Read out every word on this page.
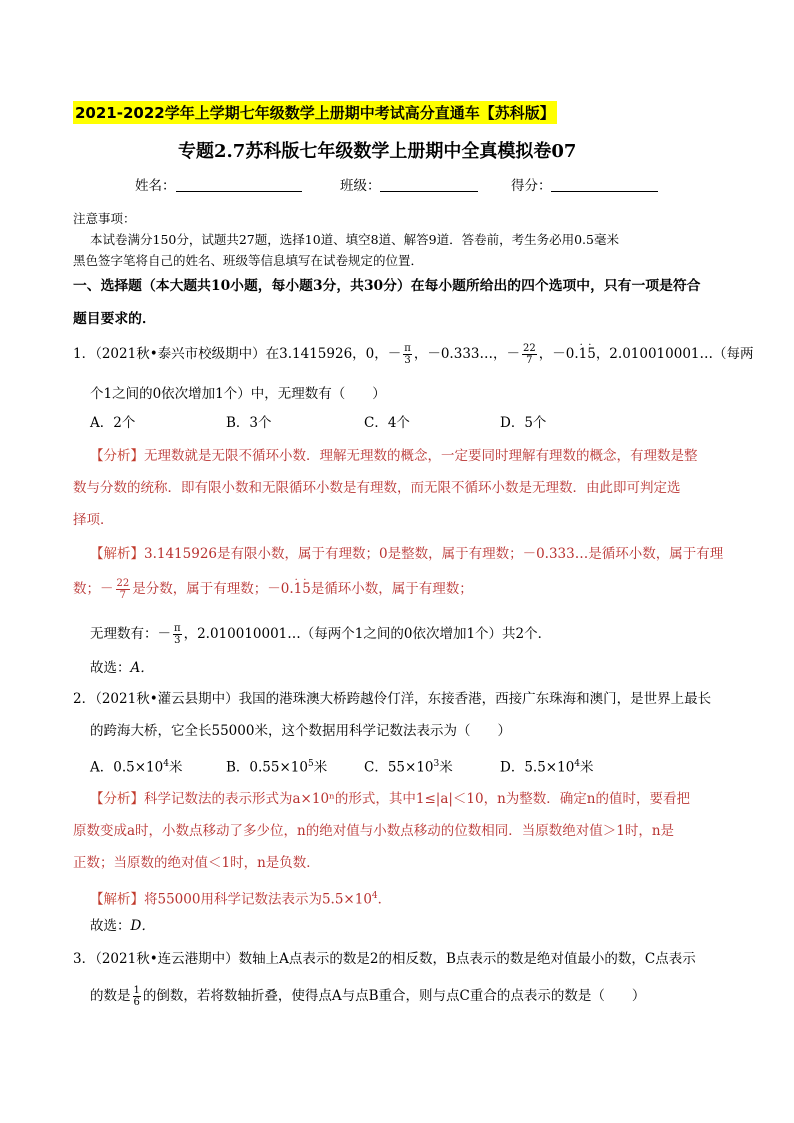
2021-2022学年上学期七年级数学上册期中考试高分直通车【苏科版】
专题2.7苏科版七年级数学上册期中全真模拟卷07
姓名：	班级：	得分：
注意事项：
本试卷满分150分，试题共27题，选择10道、填空8道、解答9道．答卷前，考生务必用0.5毫米
黑色签字笔将自己的姓名、班级等信息填写在试卷规定的位置．
一、选择题（本大题共10小题，每小题3分，共30分）在每小题所给出的四个选项中，只有一项是符合
题目要求的．
1．（2021秋•泰兴市校级期中）在3.1415926，0，－ $\frac{\pi}{3}$ ，－0.333…，－ $\frac{22}{7}$ ，－0.· 1· 5，2.010010001…（每两
个1之间的0依次增加1个）中，无理数有（　　）
A．2个	B．3个	C．4个	D．5个
【分析】无理数就是无限不循环小数．理解无理数的概念，一定要同时理解有理数的概念，有理数是整
数与分数的统称．即有限小数和无限循环小数是有理数，而无限不循环小数是无理数．由此即可判定选
择项．
【解析】3.1415926是有限小数，属于有理数；0是整数，属于有理数；－0.333…是循环小数，属于有理
数；－ $\frac{22}{7}$ 是分数，属于有理数；－0.· 1· 5是循环小数，属于有理数；
无理数有：－ $\frac{\pi}{3}$ ，2.010010001…（每两个1之间的0依次增加1个）共2个．
故选：A．
2．（2021秋•灌云县期中）我国的港珠澳大桥跨越伶仃洋，东接香港，西接广东珠海和澳门，是世界上最长
的跨海大桥，它全长55000米，这个数据用科学记数法表示为（　　）
A．$0.5\times 10^4$米	B．$0.55\times 10^5$米	C．$55\times 10^3$米	D．$5.5\times 10^4$米
【分析】科学记数法的表示形式为a×10ⁿ的形式，其中1≤|a|＜10，n为整数．确定n的值时，要看把
原数变成a时，小数点移动了多少位，n的绝对值与小数点移动的位数相同．当原数绝对值＞1时，n是
正数；当原数的绝对值＜1时，n是负数．
【解析】将55000用科学记数法表示为$5.5\times 10^4$．
故选：D．
3．（2021秋•连云港期中）数轴上A点表示的数是2的相反数，B点表示的数是绝对值最小的数，C点表示
的数是 $\frac{1}{6}$ 的倒数，若将数轴折叠，使得点A与点B重合，则与点C重合的点表示的数是（　　）
